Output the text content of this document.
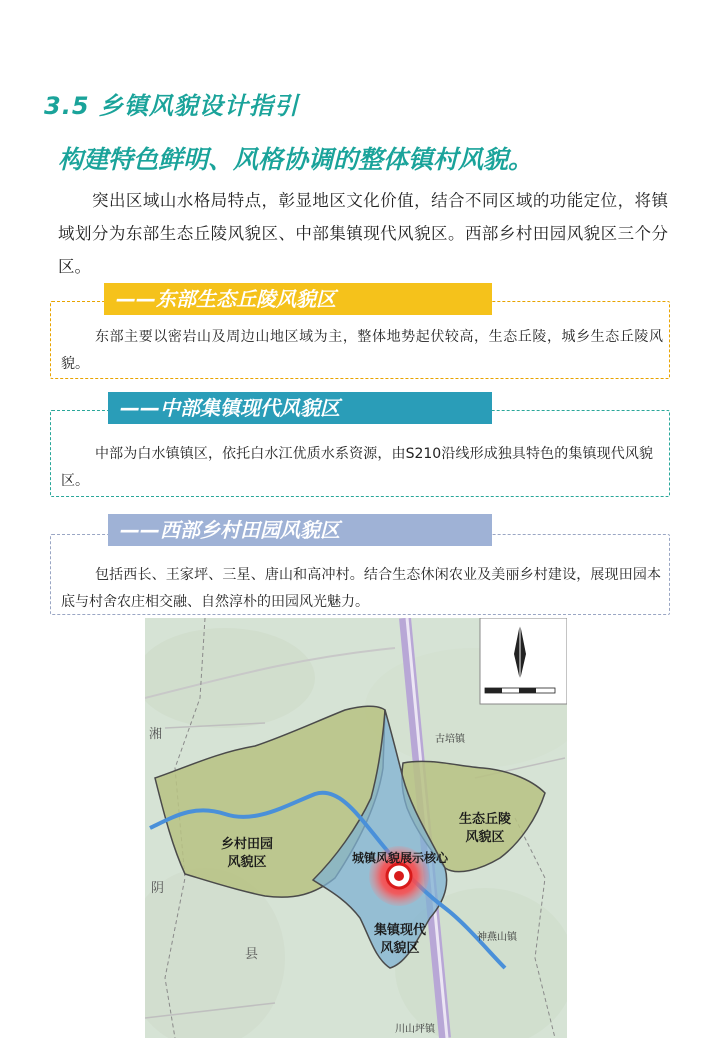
3.5 乡镇风貌设计指引
构建特色鲜明、风格协调的整体镇村风貌。
突出区域山水格局特点，彰显地区文化价值，结合不同区域的功能定位，将镇域划分为东部生态丘陵风貌区、中部集镇现代风貌区。西部乡村田园风貌区三个分区。

东部主要以密岩山及周边山地区域为主，整体地势起伏较高，生态丘陵，城乡生态丘陵风貌。

——东部生态丘陵风貌区

中部为白水镇镇区，依托白水江优质水系资源，由S210沿线形成独具特色的集镇现代风貌区。

——中部集镇现代风貌区

包括西长、王家坪、三星、唐山和高冲村。结合生态休闲农业及美丽乡村建设，展现田园本底与村舍农庄相交融、自然淳朴的田园风光魅力。

——西部乡村田园风貌区
乡村田园
风貌区
生态丘陵
风貌区
集镇现代
风貌区
城镇风貌展示核心
古培镇
神燕山镇
川山坪镇
湘
阴
县
